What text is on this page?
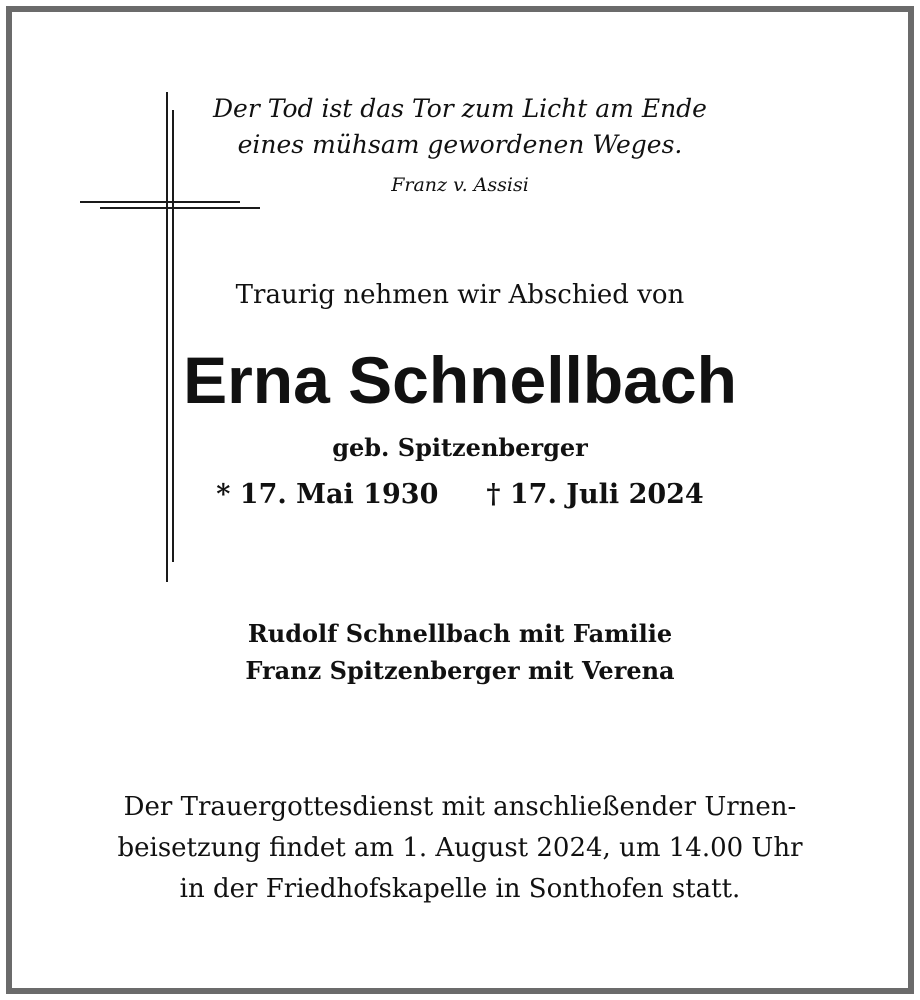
Der Tod ist das Tor zum Licht am Ende
eines mühsam gewordenen Weges.
Franz v. Assisi
Traurig nehmen wir Abschied von
Erna Schnellbach
geb. Spitzenberger
* 17. Mai 1930 † 17. Juli 2024
Rudolf Schnellbach mit Familie
Franz Spitzenberger mit Verena
Der Trauergottesdienst mit anschließender Urnen-
beisetzung findet am 1. August 2024, um 14.00 Uhr
in der Friedhofskapelle in Sonthofen statt.
